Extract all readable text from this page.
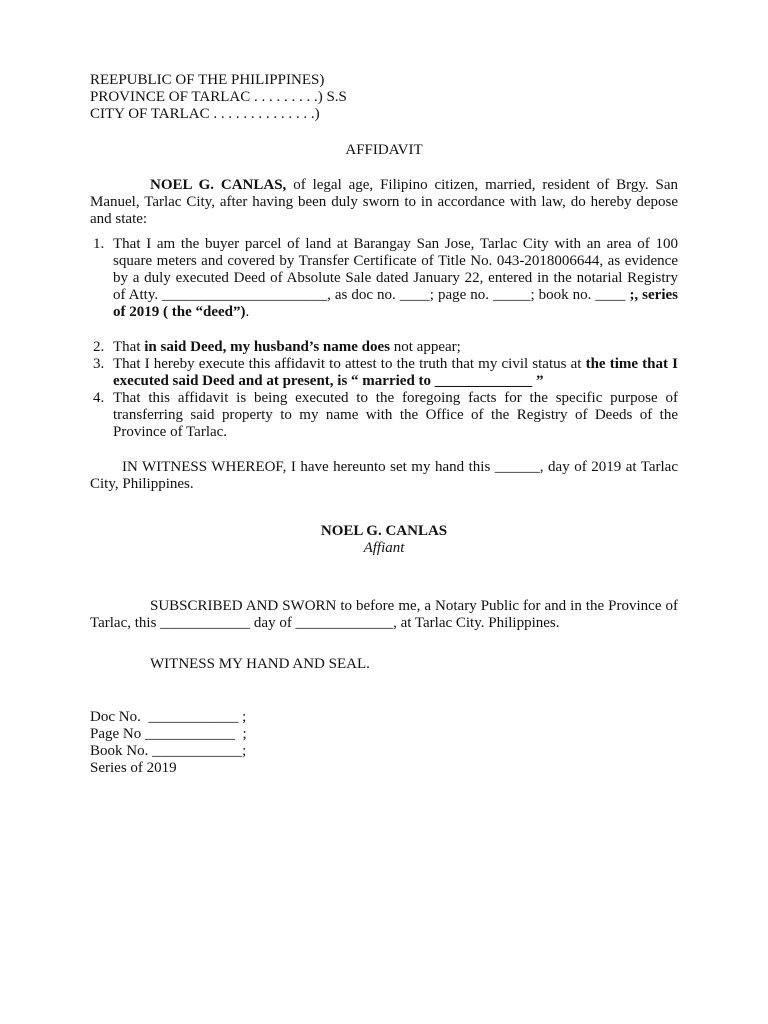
REEPUBLIC OF THE PHILIPPINES)
PROVINCE OF TARLAC . . . . . . . . .) S.S
CITY OF TARLAC . . . . . . . . . . . . . .)
AFFIDAVIT

NOEL G. CANLAS, of legal age, Filipino citizen, married, resident of Brgy. San Manuel, Tarlac City, after having been duly sworn to in accordance with law, do hereby depose and state:

1. That I am the buyer parcel of land at Barangay San Jose, Tarlac City with an area of 100 square meters and covered by Transfer Certificate of Title No. 043-2018006644, as evidence by a duly executed Deed of Absolute Sale dated January 22, entered in the notarial Registry of Atty. ______________________, as doc no. ____; page no. _____; book no. ____ ;, series of 2019 ( the “deed”).
2. That in said Deed, my husband’s name does not appear;
3. That I hereby execute this affidavit to attest to the truth that my civil status at the time that I executed said Deed and at present, is “ married to _____________ ”
4. That this affidavit is being executed to the foregoing facts for the specific purpose of transferring said property to my name with the Office of the Registry of Deeds of the Province of Tarlac.

IN WITNESS WHEREOF, I have hereunto set my hand this ______, day of 2019 at Tarlac City, Philippines.

NOEL G. CANLAS
Affiant

SUBSCRIBED AND SWORN to before me, a Notary Public for and in the Province of Tarlac, this ____________ day of _____________, at Tarlac City. Philippines.

WITNESS MY HAND AND SEAL.

Doc No.  ____________ ;
Page No ____________  ;
Book No. ____________;
Series of 2019
